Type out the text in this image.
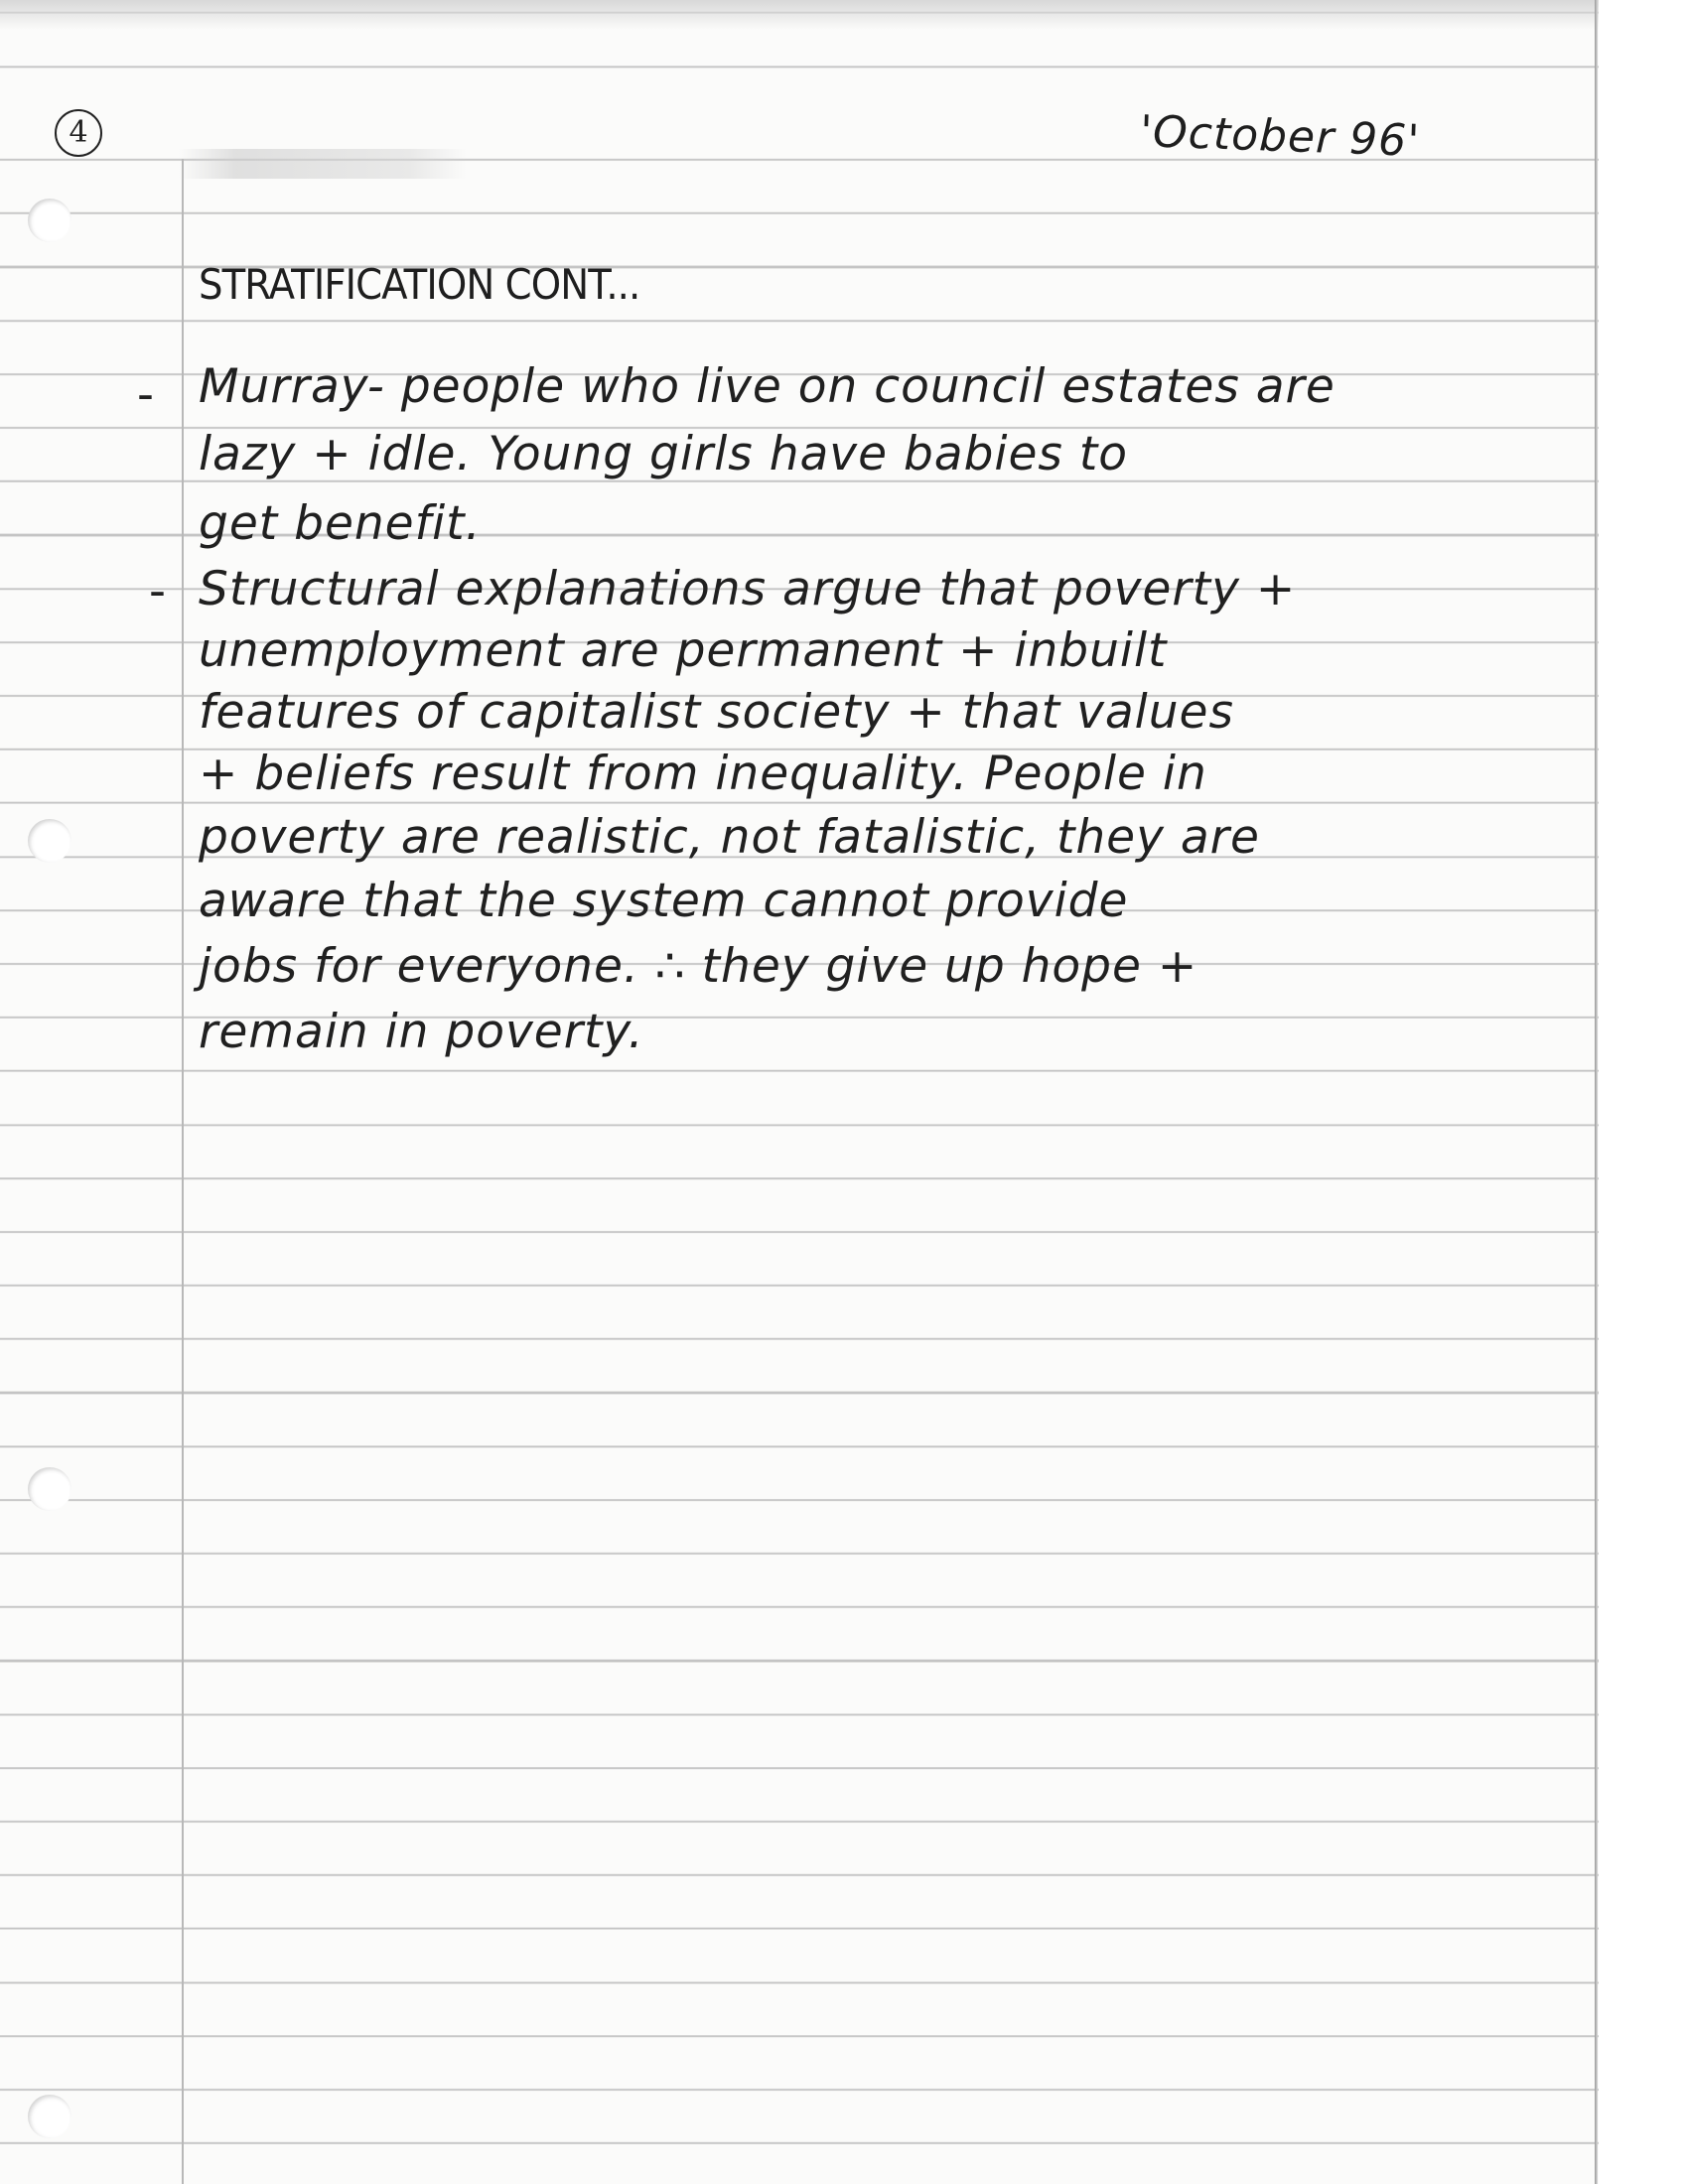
4	'October 96'
STRATIFICATION CONT...
-
-
Murray- people who live on council estates are
lazy + idle. Young girls have babies to
get benefit.
Structural explanations argue that poverty +
unemployment are permanent + inbuilt
features of capitalist society + that values
+ beliefs result from inequality. People in
poverty are realistic, not fatalistic, they are
aware that the system cannot provide
jobs for everyone. ∴ they give up hope +
remain in poverty.
